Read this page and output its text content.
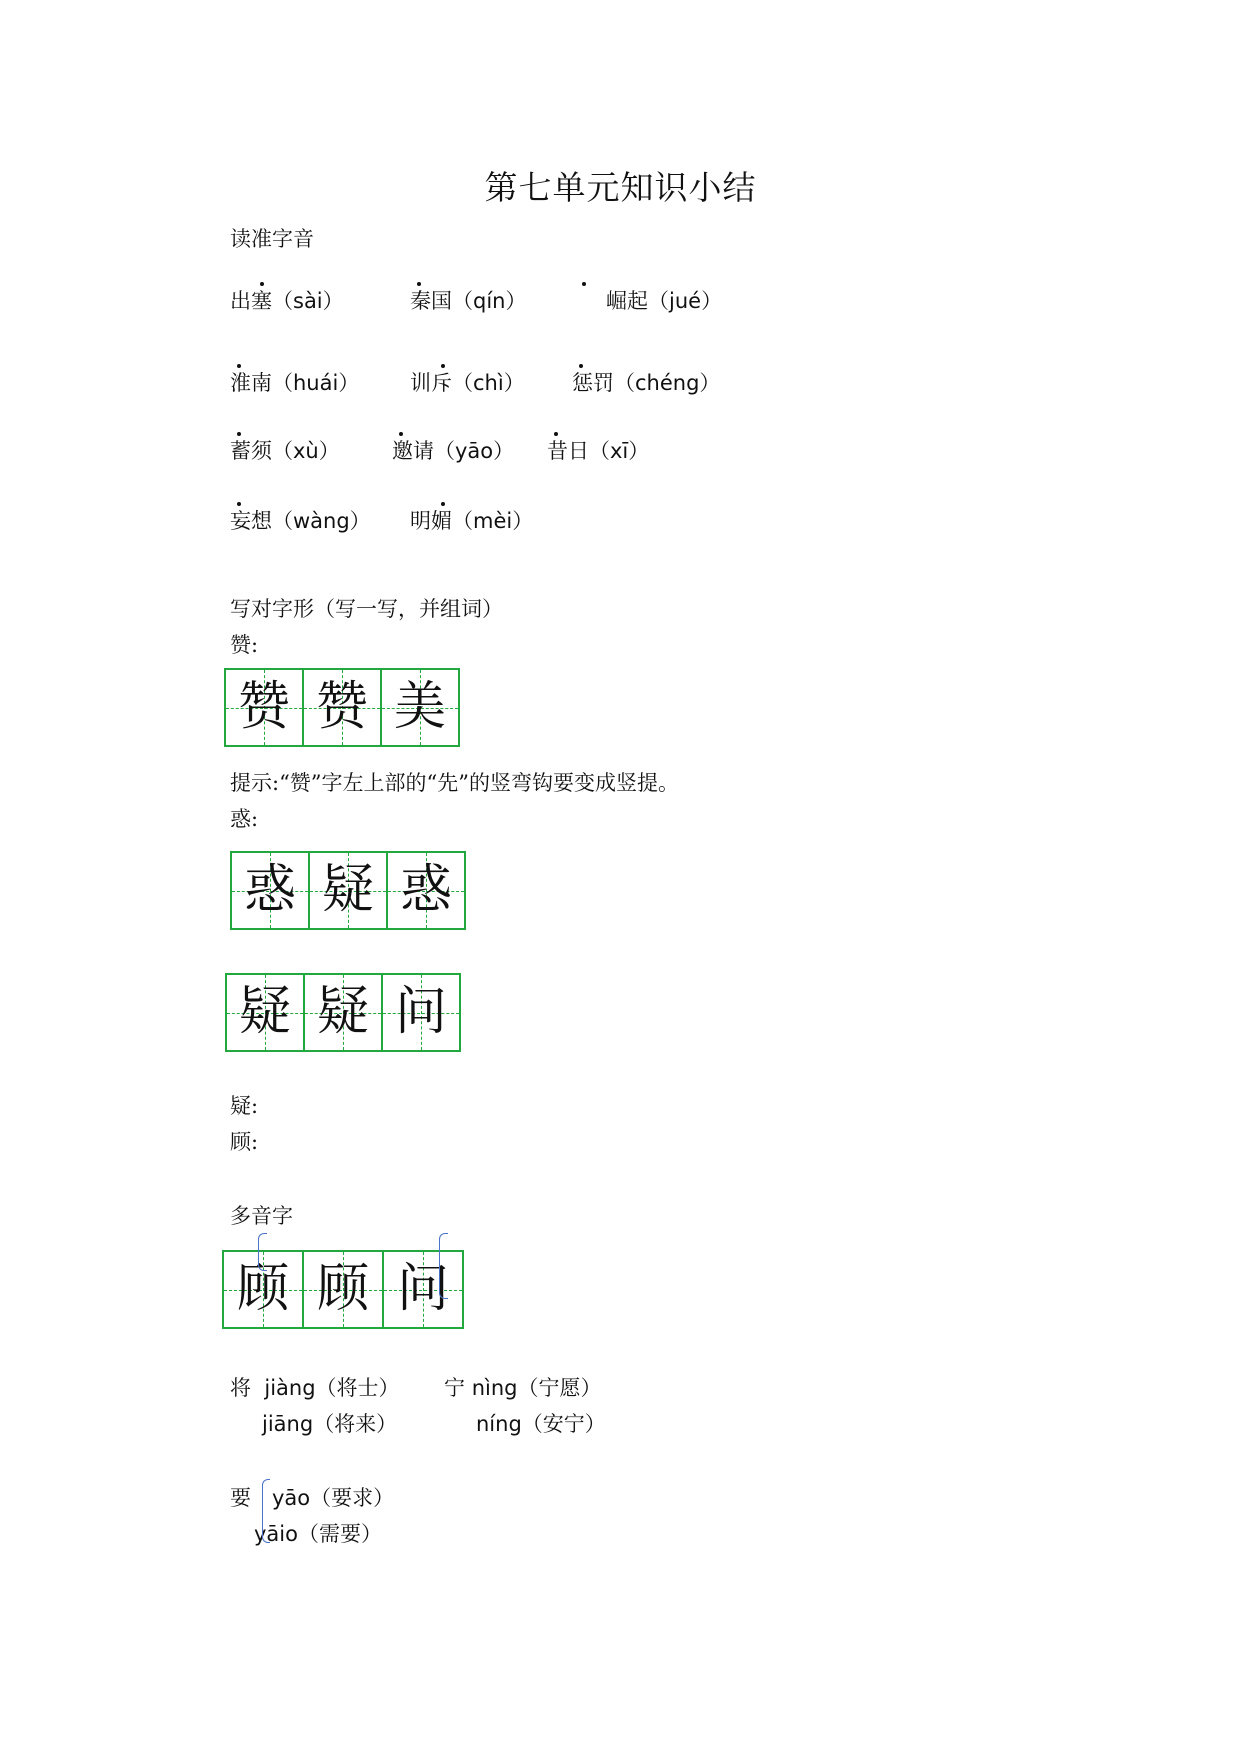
第七单元知识小结
读准字音
出塞（sài）	秦国（qín）	崛起（jué）
淮南（huái） 训斥（chì） 惩罚（chéng）
蓄须（xù） 邀请（yāo） 昔日（xī）
妄想（wàng） 明媚（mèi）
写对字形（写一写，并组词）
赞:
赞 赞 美
提示:“赞”字左上部的“先”的竖弯钩要变成竖提。
惑:
惑 疑 惑
疑 疑 问
疑:
顾:
多音字
顾 顾 问
将 jiàng（将士）
jiāng（将来）
宁 nìng（宁愿）
níng（安宁）
要 yāo（要求）
yāio（需要）
